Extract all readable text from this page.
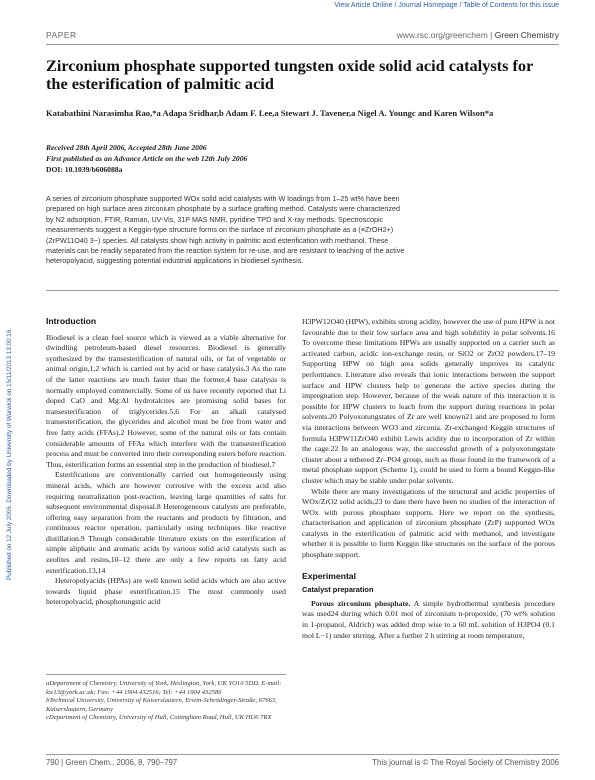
View Article Online / Journal Homepage / Table of Contents for this issue
PAPER	www.rsc.org/greenchem | Green Chemistry
Published on 12 July 2006. Downloaded by University of Warwick on 15/11/2013 13:00:16.
Zirconium phosphate supported tungsten oxide solid acid catalysts for the esterification of palmitic acid
Katabathini Narasimha Rao,*a Adapa Sridhar,b Adam F. Lee,a Stewart J. Tavener,a Nigel A. Youngc and Karen Wilson*a
Received 28th April 2006, Accepted 28th June 2006
First published as an Advance Article on the web 12th July 2006
DOI: 10.1039/b606088a
A series of zirconium phosphate supported WOx solid acid catalysts with W loadings from 1–25 wt% have been prepared on high surface area zirconium phosphate by a surface grafting method. Catalysts were characterized by N2 adsorption, FTIR, Raman, UV-Vis, 31P MAS NMR, pyridine TPD and X-ray methods. Spectroscopic measurements suggest a Keggin-type structure forms on the surface of zirconium phosphate as a (≡ZrOH2+)(ZrPW11O40 3−) species. All catalysts show high activity in palmitic acid esterification with methanol. These materials can be readily separated from the reaction system for re-use, and are resistant to leaching of the active heteropolyacid, suggesting potential industrial applications in biodiesel synthesis.
Introduction

Biodiesel is a clean fuel source which is viewed as a viable alternative for dwindling petroleum-based diesel resources. Biodiesel is generally synthesized by the transesterification of natural oils, or fat of vegetable or animal origin,1,2 which is carried out by acid or base catalysis.3 As the rate of the latter reactions are much faster than the former,4 base catalysis is normally employed commercially. Some of us have recently reported that Li doped CaO and Mg:Al hydrotalcites are promising solid bases for transesterification of triglycerides.5,6 For an alkali catalysed transesterification, the glycerides and alcohol must be free from water and free fatty acids (FFAs).2 However, some of the natural oils or fats contain considerable amounts of FFAs which interfere with the transesterification process and must be converted into their corresponding esters before reaction. Thus, esterification forms an essential step in the production of biodiesel.7

Esterifications are conventionally carried out homogeneously using mineral acids, which are however corrosive with the excess acid also requiring neutralization post-reaction, leaving large quantities of salts for subsequent environmental disposal.8 Heterogeneous catalysts are preferable, offering easy separation from the reactants and products by filtration, and continuous reactor operation, particularly using techniques like reactive distillation.9 Though considerable literature exists on the esterification of simple aliphatic and aromatic acids by various solid acid catalysts such as zeolites and resins,10–12 there are only a few reports on fatty acid esterification.13,14

Heteropolyacids (HPAs) are well known solid acids which are also active towards liquid phase esterification.15 The most commonly used heteropolyacid, phosphotungstic acid

H3PW12O40 (HPW), exhibits strong acidity, however the use of pure HPW is not favourable due to their low surface area and high solubility in polar solvents.16 To overcome these limitations HPWs are usually supported on a carrier such as activated carbon, acidic ion-exchange resin, or SiO2 or ZrO2 powders.17–19 Supporting HPW on high area solids generally improves its catalytic performance. Literature also reveals that ionic interactions between the support surface and HPW clusters help to generate the active species during the impregnation step. However, because of the weak nature of this interaction it is possible for HPW clusters to leach from the support during reactions in polar solvents.20 Polyoxotungstates of Zr are well known21 and are proposed to form via interactions between WO3 and zirconia. Zr-exchanged Keggin structures of formula H3PW11ZrO40 exhibit Lewis acidity due to incorporation of Zr within the cage.22 In an analogous way, the successful growth of a polyoxotungstate cluster about a tethered Zr–PO4 group, such as those found in the framework of a metal phosphate support (Scheme 1), could be used to form a bound Keggin-like cluster which may be stable under polar solvents.

While there are many investigations of the structural and acidic properties of WOx/ZrO2 solid acids,23 to date there have been no studies of the interaction of WOx with porous phosphate supports. Here we report on the synthesis, characterisation and application of zirconium phosphate (ZrP) supported WOx catalysts in the esterification of palmitic acid with methanol, and investigate whether it is possible to form Keggin like structures on the surface of the porous phosphate support.

Experimental
Catalyst preparation

Porous zirconium phosphate. A simple hydrothermal synthesis procedure was used24 during which 0.01 mol of zirconium n-propoxide, (70 wt% solution in 1-propanol, Aldrich) was added drop wise to a 60 mL solution of H3PO4 (0.1 mol L−1) under stirring. After a further 2 h stirring at room temperature,

aDepartment of Chemistry, University of York, Heslington, York, UK YO10 5DD. E-mail: kw13@york.ac.uk; Fax: +44 1904 432516; Tel: +44 1904 432586
bTechnical University, University of Kaiserslautern, Erwin-Schrödinger-Straße, 67663, Kaiserslautern, Germany
cDepartment of Chemistry, University of Hull, Cottingham Road, Hull, UK HU6 7RX
790 | Green Chem., 2006, 8, 790–797	This journal is © The Royal Society of Chemistry 2006
